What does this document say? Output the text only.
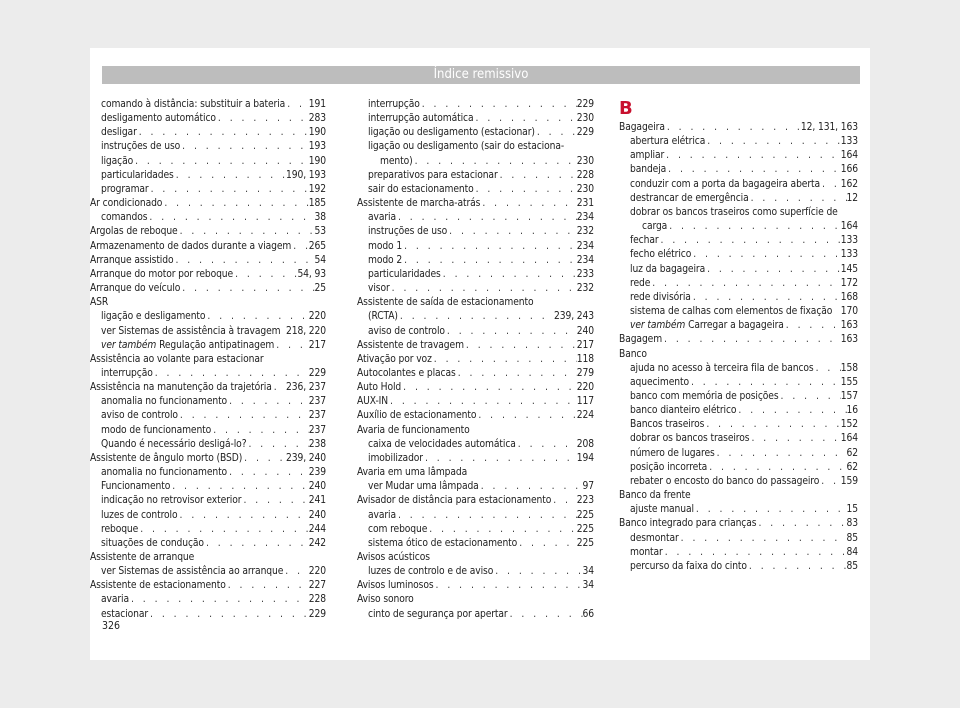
Índice remissivo
comando à distância: substituir a bateria . . . 191
desligamento automático . . .	283
desligar . . .	190
instruções de uso . . .	193
ligação . . .	190
particularidades . . .	190, 193
programar . . .	192
Ar condicionado . . .	185
comandos . . .	38
Argolas de reboque . . .	53
Armazenamento de dados durante a viagem . . . 265
Arranque assistido . . .	54
Arranque do motor por reboque . . .	54, 93
Arranque do veículo . . .	25
ASR
ligação e desligamento . . .	220
ver Sistemas de assistência à travagem 218, 220
ver também Regulação antipatinagem . . .	217
Assistência ao volante para estacionar
interrupção . . .	229
Assistência na manutenção da trajetória . . . 236, 237
anomalia no funcionamento . . .	237
aviso de controlo . . .	237
modo de funcionamento . . .	237
Quando é necessário desligá-lo? . . .	238
Assistente de ângulo morto (BSD) . . .	239, 240
anomalia no funcionamento . . .	239
Funcionamento . . .	240
indicação no retrovisor exterior . . .	241
luzes de controlo . . .	240
reboque . . .	244
situações de condução . . .	242
Assistente de arranque
ver Sistemas de assistência ao arranque . . .	220
Assistente de estacionamento . . .	227
avaria . . .	228
estacionar . . .	229
interrupção . . .	229
interrupção automática . . .	230
ligação ou desligamento (estacionar) . . .	229
ligação ou desligamento (sair do estaciona-
mento) . . .	230
preparativos para estacionar . . .	228
sair do estacionamento . . .	230
Assistente de marcha-atrás . . .	231
avaria . . .	234
instruções de uso . . .	232
modo 1 . . .	234
modo 2 . . .	234
particularidades . . .	233
visor . . .	232
Assistente de saída de estacionamento
(RCTA) . . .	239, 243
aviso de controlo . . .	240
Assistente de travagem . . .	217
Ativação por voz . . .	118
Autocolantes e placas . . .	279
Auto Hold . . .	220
AUX-IN . . .	117
Auxílio de estacionamento . . .	224
Avaria de funcionamento
caixa de velocidades automática . . .	208
imobilizador . . .	194
Avaria em uma lâmpada
ver Mudar uma lâmpada . . .	97
Avisador de distância para estacionamento . . .	223
avaria . . .	225
com reboque . . .	225
sistema ótico de estacionamento . . .	225
Avisos acústicos
luzes de controlo e de aviso . . .	34
Avisos luminosos . . .	34
Aviso sonoro
cinto de segurança por apertar . . .	66
B
Bagageira . . .	12, 131, 163
abertura elétrica . . .	133
ampliar . . .	164
bandeja . . .	166
conduzir com a porta da bagageira aberta . . . 162
destrancar de emergência . . .	12
dobrar os bancos traseiros como superfície de
carga . . .	164
fechar . . .	133
fecho elétrico . . .	133
luz da bagageira . . .	145
rede . . .	172
rede divisória . . .	168
sistema de calhas com elementos de fixação 170
ver também Carregar a bagageira . . .	163
Bagagem . . .	163
Banco
ajuda no acesso à terceira fila de bancos . . .	158
aquecimento . . .	155
banco com memória de posições . . .	157
banco dianteiro elétrico . . .	16
Bancos traseiros . . .	152
dobrar os bancos traseiros . . .	164
número de lugares . . .	62
posição incorreta . . .	62
rebater o encosto do banco do passageiro . . . 159
Banco da frente
ajuste manual . . .	15
Banco integrado para crianças . . .	83
desmontar . . .	85
montar . . .	84
percurso da faixa do cinto . . .	85
326
